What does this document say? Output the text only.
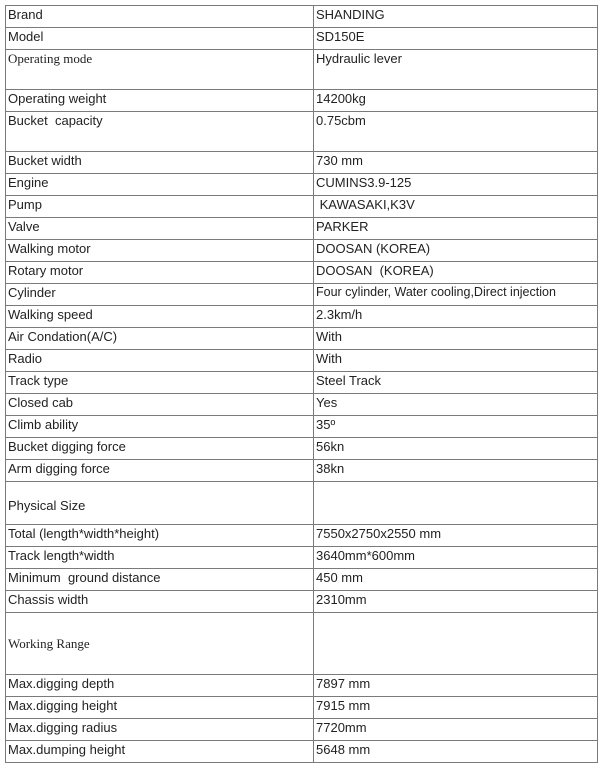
Brand	SHANDING
Model	SD150E
Operating mode	Hydraulic lever
Operating weight	14200kg
Bucket  capacity	0.75cbm
Bucket width	730 mm
Engine	CUMINS3.9-125
Pump	KAWASAKI,K3V
Valve	PARKER
Walking motor	DOOSAN (KOREA)
Rotary motor	DOOSAN  (KOREA)
Cylinder	Four cylinder, Water cooling,Direct injection
Walking speed	2.3km/h
Air Condation(A/C)	With
Radio	With
Track type	Steel Track
Closed cab	Yes
Climb ability	35º
Bucket digging force	56kn
Arm digging force	38kn

Physical Size	

Total (length*width*height)	7550x2750x2550 mm
Track length*width	3640mm*600mm
Minimum  ground distance	450 mm
Chassis width	2310mm

Working Range	

Max.digging depth	7897 mm
Max.digging height	7915 mm
Max.digging radius	7720mm
Max.dumping height	5648 mm
